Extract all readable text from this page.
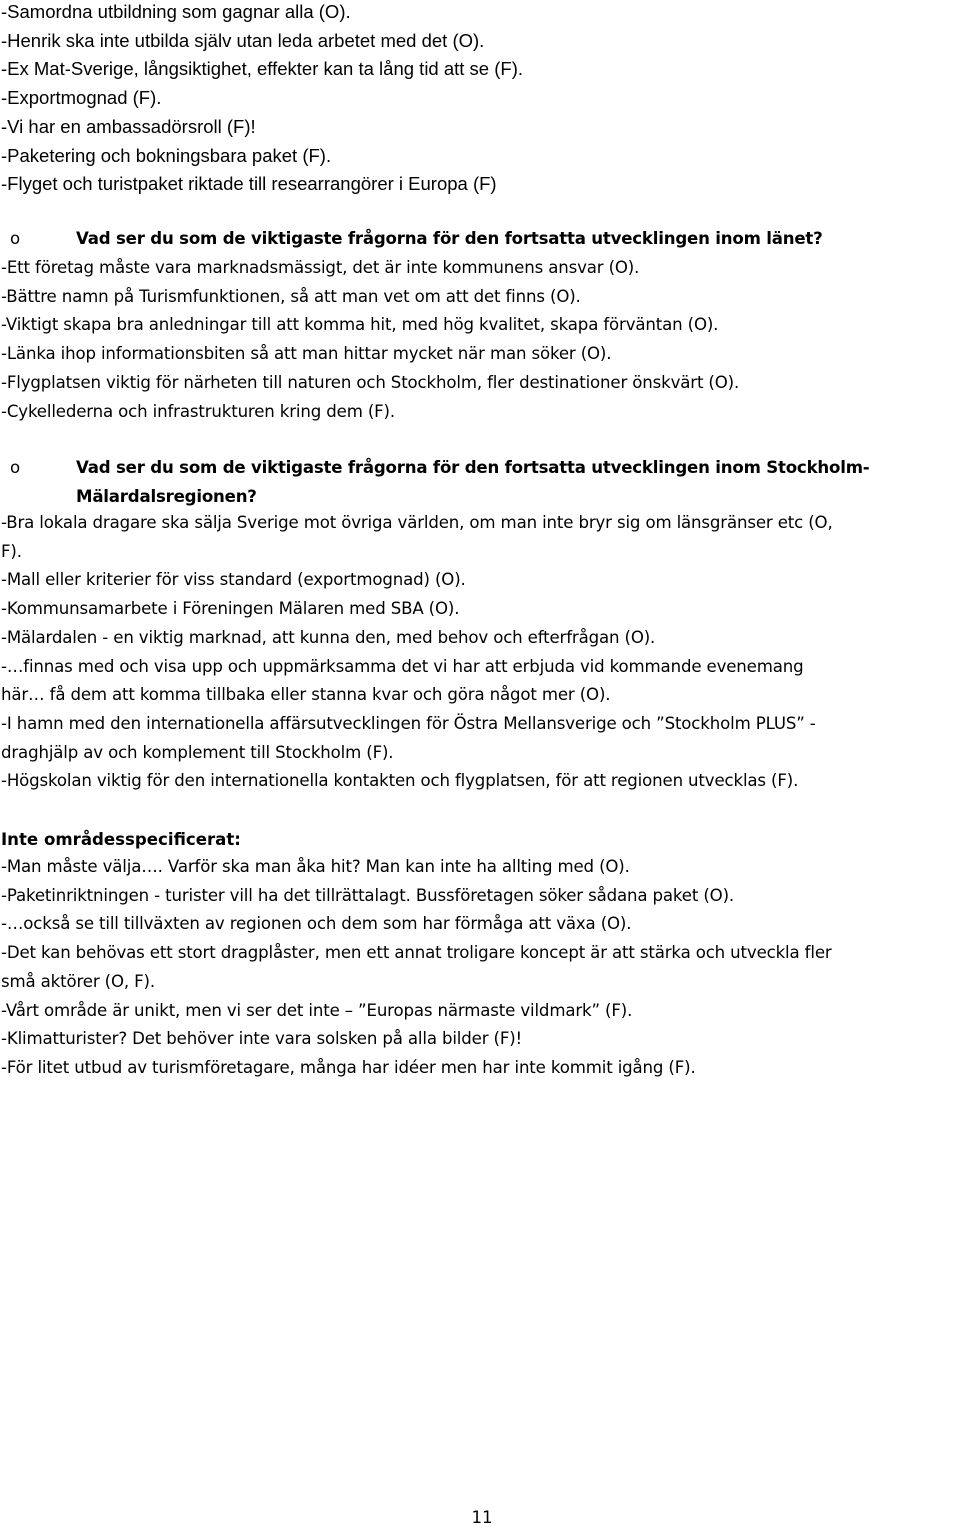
-Samordna utbildning som gagnar alla (O).
-Henrik ska inte utbilda själv utan leda arbetet med det (O).
-Ex Mat-Sverige, långsiktighet, effekter kan ta lång tid att se (F).
-Exportmognad (F).
-Vi har en ambassadörsroll (F)!
-Paketering och bokningsbara paket (F).
-Flyget och turistpaket riktade till researrangörer i Europa (F)
o	Vad ser du som de viktigaste frågorna för den fortsatta utvecklingen inom länet?
-Ett företag måste vara marknadsmässigt, det är inte kommunens ansvar (O).
-Bättre namn på Turismfunktionen, så att man vet om att det finns (O).
-Viktigt skapa bra anledningar till att komma hit, med hög kvalitet, skapa förväntan (O).
-Länka ihop informationsbiten så att man hittar mycket när man söker (O).
-Flygplatsen viktig för närheten till naturen och Stockholm, fler destinationer önskvärt (O).
-Cykellederna och infrastrukturen kring dem (F).
o	Vad ser du som de viktigaste frågorna för den fortsatta utvecklingen inom Stockholm-
Mälardalsregionen?
-Bra lokala dragare ska sälja Sverige mot övriga världen, om man inte bryr sig om länsgränser etc (O,
F).
-Mall eller kriterier för viss standard (exportmognad) (O).
-Kommunsamarbete i Föreningen Mälaren med SBA (O).
-Mälardalen - en viktig marknad, att kunna den, med behov och efterfrågan (O).
-…finnas med och visa upp och uppmärksamma det vi har att erbjuda vid kommande evenemang
här… få dem att komma tillbaka eller stanna kvar och göra något mer (O).
-I hamn med den internationella affärsutvecklingen för Östra Mellansverige och ”Stockholm PLUS” -
draghjälp av och komplement till Stockholm (F).
-Högskolan viktig för den internationella kontakten och flygplatsen, för att regionen utvecklas (F).
Inte områdesspecificerat:
-Man måste välja…. Varför ska man åka hit? Man kan inte ha allting med (O).
-Paketinriktningen - turister vill ha det tillrättalagt. Bussföretagen söker sådana paket (O).
-…också se till tillväxten av regionen och dem som har förmåga att växa (O).
-Det kan behövas ett stort dragplåster, men ett annat troligare koncept är att stärka och utveckla fler
små aktörer (O, F).
-Vårt område är unikt, men vi ser det inte – ”Europas närmaste vildmark” (F).
-Klimatturister? Det behöver inte vara solsken på alla bilder (F)!
-För litet utbud av turismföretagare, många har idéer men har inte kommit igång (F).
11
